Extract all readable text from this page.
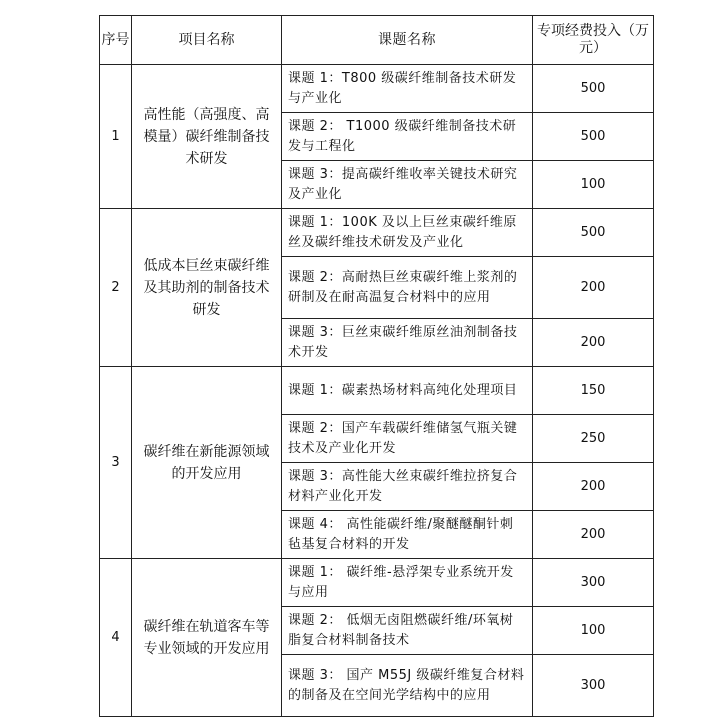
序号	项目名称	课题名称	专项经费投入（万元）
1	高性能（高强度、高模量）碳纤维制备技术研发	课题 1：T800 级碳纤维制备技术研发与产业化	500
		课题 2： T1000 级碳纤维制备技术研发与工程化	500
		课题 3：提高碳纤维收率关键技术研究及产业化	100
2	低成本巨丝束碳纤维及其助剂的制备技术研发	课题 1：100K 及以上巨丝束碳纤维原丝及碳纤维技术研发及产业化	500
		课题 2：高耐热巨丝束碳纤维上浆剂的研制及在耐高温复合材料中的应用	200
		课题 3：巨丝束碳纤维原丝油剂制备技术开发	200
3	碳纤维在新能源领域的开发应用	课题 1：碳素热场材料高纯化处理项目	150
		课题 2：国产车载碳纤维储氢气瓶关键技术及产业化开发	250
		课题 3：高性能大丝束碳纤维拉挤复合材料产业化开发	200
		课题 4： 高性能碳纤维/聚醚醚酮针刺毡基复合材料的开发	200
4	碳纤维在轨道客车等专业领域的开发应用	课题 1： 碳纤维-悬浮架专业系统开发与应用	300
		课题 2： 低烟无卤阻燃碳纤维/环氧树脂复合材料制备技术	100
		课题 3： 国产 M55J 级碳纤维复合材料的制备及在空间光学结构中的应用	300
